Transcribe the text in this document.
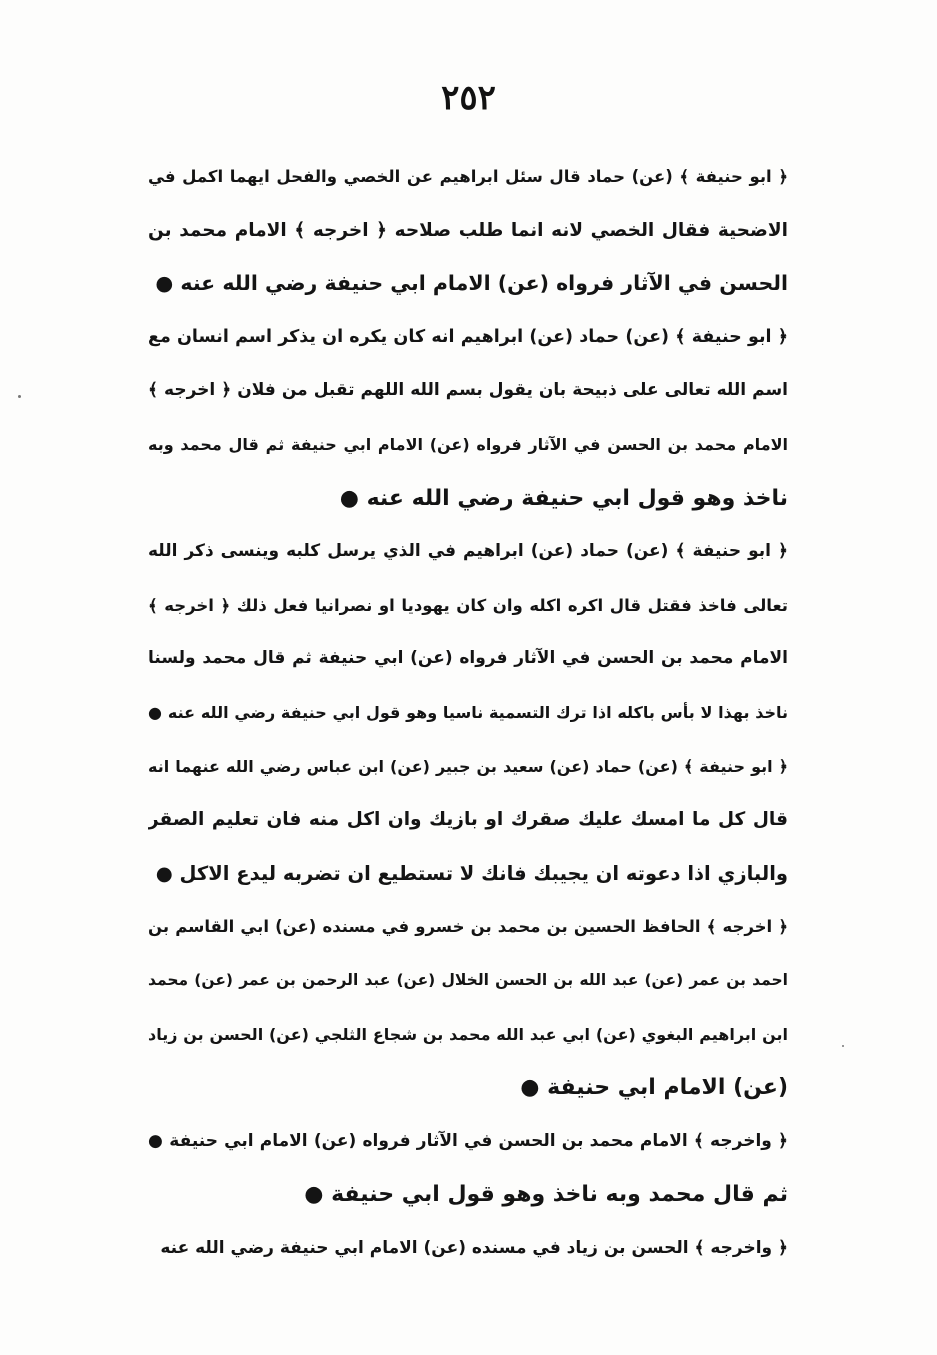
٢٥٢
﴿ ابو حنيفة ﴾ (عن) حماد قال سئل ابراهيم عن الخصي والفحل ايهما اكمل في
الاضحية فقال الخصي لانه انما طلب صلاحه ﴿ اخرجه ﴾ الامام محمد بن
الحسن في الآثار فرواه (عن) الامام ابي حنيفة رضي الله عنه ●
﴿ ابو حنيفة ﴾ (عن) حماد (عن) ابراهيم انه كان يكره ان يذكر اسم انسان مع
اسم الله تعالى على ذبيحة بان يقول بسم الله اللهم تقبل من فلان ﴿ اخرجه ﴾
الامام محمد بن الحسن في الآثار فرواه (عن) الامام ابي حنيفة ثم قال محمد وبه
ناخذ وهو قول ابي حنيفة رضي الله عنه ●
﴿ ابو حنيفة ﴾ (عن) حماد (عن) ابراهيم في الذي يرسل كلبه وينسى ذكر الله
تعالى فاخذ فقتل قال اكره اكله وان كان يهوديا او نصرانيا فعل ذلك ﴿ اخرجه ﴾
الامام محمد بن الحسن في الآثار فرواه (عن) ابي حنيفة ثم قال محمد ولسنا
ناخذ بهذا لا بأس باكله اذا ترك التسمية ناسيا وهو قول ابي حنيفة رضي الله عنه ●
﴿ ابو حنيفة ﴾ (عن) حماد (عن) سعيد بن جبير (عن) ابن عباس رضي الله عنهما انه
قال كل ما امسك عليك صقرك او بازيك وان اكل منه فان تعليم الصقر
والبازي اذا دعوته ان يجيبك فانك لا تستطيع ان تضربه ليدع الاكل ●
﴿ اخرجه ﴾ الحافظ الحسين بن محمد بن خسرو في مسنده (عن) ابي القاسم بن
احمد بن عمر (عن) عبد الله بن الحسن الخلال (عن) عبد الرحمن بن عمر (عن) محمد
ابن ابراهيم البغوي (عن) ابي عبد الله محمد بن شجاع الثلجي (عن) الحسن بن زياد
(عن) الامام ابي حنيفة ●
﴿ واخرجه ﴾ الامام محمد بن الحسن في الآثار فرواه (عن) الامام ابي حنيفة ●
ثم قال محمد وبه ناخذ وهو قول ابي حنيفة ●
﴿ واخرجه ﴾ الحسن بن زياد في مسنده (عن) الامام ابي حنيفة رضي الله عنه
